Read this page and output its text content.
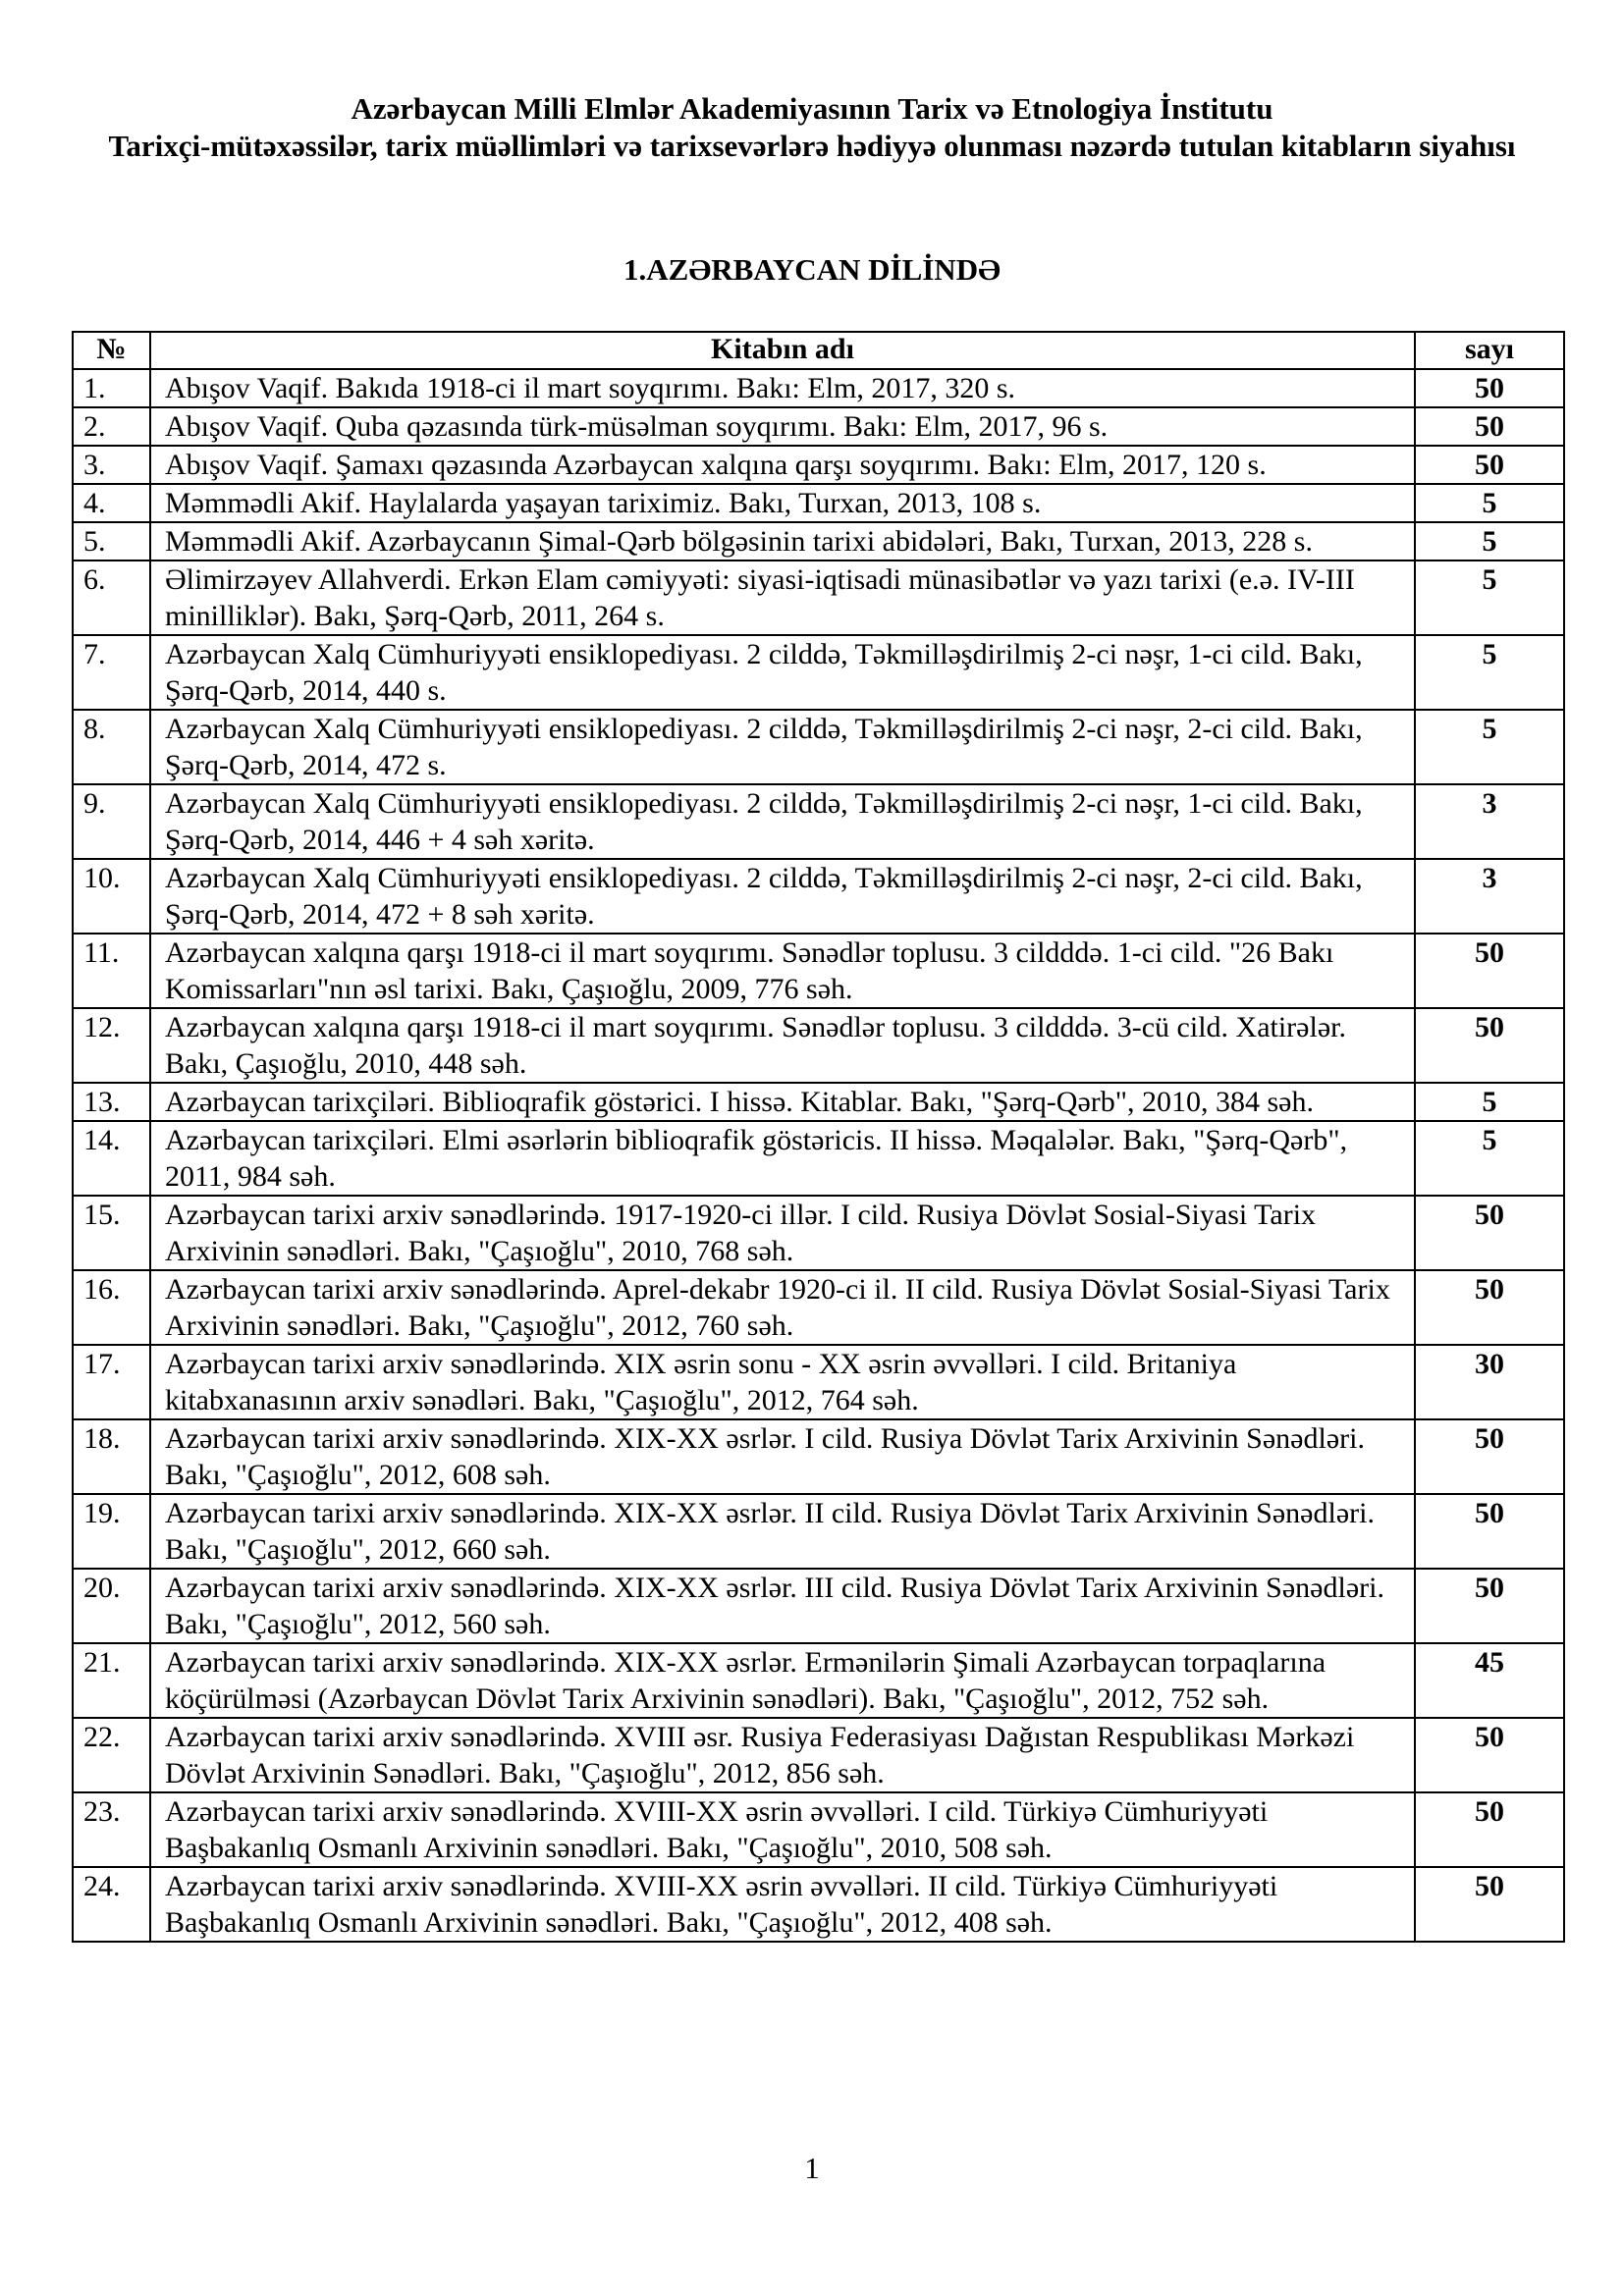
Azərbaycan Milli Elmlər Akademiyasının Tarix və Etnologiya İnstitutu
Tarixçi-mütəxəssilər, tarix müəllimləri və tarixsevərlərə hədiyyə olunması nəzərdə tutulan kitabların siyahısı
1.AZƏRBAYCAN DİLİNDƏ
№	Kitabın adı	sayı
1.	Abışov Vaqif. Bakıda 1918-ci il mart soyqırımı. Bakı: Elm, 2017, 320 s.	50
2.	Abışov Vaqif. Quba qəzasında türk-müsəlman soyqırımı. Bakı: Elm, 2017, 96 s.	50
3.	Abışov Vaqif. Şamaxı qəzasında Azərbaycan xalqına qarşı soyqırımı. Bakı: Elm, 2017, 120 s.	50
4.	Məmmədli Akif. Haylalarda yaşayan tariximiz. Bakı, Turxan, 2013, 108 s.	5
5.	Məmmədli Akif. Azərbaycanın Şimal-Qərb bölgəsinin tarixi abidələri, Bakı, Turxan, 2013, 228 s.	5
6.	Əlimirzəyev Allahverdi. Erkən Elam cəmiyyəti: siyasi-iqtisadi münasibətlər və yazı tarixi (e.ə. IV-III minilliklər). Bakı, Şərq-Qərb, 2011, 264 s.	5
7.	Azərbaycan Xalq Cümhuriyyəti ensiklopediyası. 2 cilddə, Təkmilləşdirilmiş 2-ci nəşr, 1-ci cild. Bakı, Şərq-Qərb, 2014, 440 s.	5
8.	Azərbaycan Xalq Cümhuriyyəti ensiklopediyası. 2 cilddə, Təkmilləşdirilmiş 2-ci nəşr, 2-ci cild. Bakı, Şərq-Qərb, 2014, 472 s.	5
9.	Azərbaycan Xalq Cümhuriyyəti ensiklopediyası. 2 cilddə, Təkmilləşdirilmiş 2-ci nəşr, 1-ci cild. Bakı, Şərq-Qərb, 2014, 446 + 4 səh xəritə.	3
10.	Azərbaycan Xalq Cümhuriyyəti ensiklopediyası. 2 cilddə, Təkmilləşdirilmiş 2-ci nəşr, 2-ci cild. Bakı, Şərq-Qərb, 2014, 472 + 8 səh xəritə.	3
11.	Azərbaycan xalqına qarşı 1918-ci il mart soyqırımı. Sənədlər toplusu. 3 cildddə. 1-ci cild. "26 Bakı Komissarları"nın əsl tarixi. Bakı, Çaşıoğlu, 2009, 776 səh.	50
12.	Azərbaycan xalqına qarşı 1918-ci il mart soyqırımı. Sənədlər toplusu. 3 cildddə. 3-cü cild. Xatirələr. Bakı, Çaşıoğlu, 2010, 448 səh.	50
13.	Azərbaycan tarixçiləri. Biblioqrafik göstərici. I hissə. Kitablar. Bakı, "Şərq-Qərb", 2010, 384 səh.	5
14.	Azərbaycan tarixçiləri. Elmi əsərlərin biblioqrafik göstəricis. II hissə. Məqalələr. Bakı, "Şərq-Qərb", 2011, 984 səh.	5
15.	Azərbaycan tarixi arxiv sənədlərində. 1917-1920-ci illər. I cild. Rusiya Dövlət Sosial-Siyasi Tarix Arxivinin sənədləri. Bakı, "Çaşıoğlu", 2010, 768 səh.	50
16.	Azərbaycan tarixi arxiv sənədlərində. Aprel-dekabr 1920-ci il. II cild. Rusiya Dövlət Sosial-Siyasi Tarix Arxivinin sənədləri. Bakı, "Çaşıoğlu", 2012, 760 səh.	50
17.	Azərbaycan tarixi arxiv sənədlərində. XIX əsrin sonu - XX əsrin əvvəlləri. I cild. Britaniya kitabxanasının arxiv sənədləri. Bakı, "Çaşıoğlu", 2012, 764 səh.	30
18.	Azərbaycan tarixi arxiv sənədlərində. XIX-XX əsrlər. I cild. Rusiya Dövlət Tarix Arxivinin Sənədləri. Bakı, "Çaşıoğlu", 2012, 608 səh.	50
19.	Azərbaycan tarixi arxiv sənədlərində. XIX-XX əsrlər. II cild. Rusiya Dövlət Tarix Arxivinin Sənədləri. Bakı, "Çaşıoğlu", 2012, 660 səh.	50
20.	Azərbaycan tarixi arxiv sənədlərində. XIX-XX əsrlər. III cild. Rusiya Dövlət Tarix Arxivinin Sənədləri. Bakı, "Çaşıoğlu", 2012, 560 səh.	50
21.	Azərbaycan tarixi arxiv sənədlərində. XIX-XX əsrlər. Ermənilərin Şimali Azərbaycan torpaqlarına köçürülməsi (Azərbaycan Dövlət Tarix Arxivinin sənədləri). Bakı, "Çaşıoğlu", 2012, 752 səh.	45
22.	Azərbaycan tarixi arxiv sənədlərində. XVIII əsr. Rusiya Federasiyası Dağıstan Respublikası Mərkəzi Dövlət Arxivinin Sənədləri. Bakı, "Çaşıoğlu", 2012, 856 səh.	50
23.	Azərbaycan tarixi arxiv sənədlərində. XVIII-XX əsrin əvvəlləri. I cild. Türkiyə Cümhuriyyəti Başbakanlıq Osmanlı Arxivinin sənədləri. Bakı, "Çaşıoğlu", 2010, 508 səh.	50
24.	Azərbaycan tarixi arxiv sənədlərində. XVIII-XX əsrin əvvəlləri. II cild. Türkiyə Cümhuriyyəti Başbakanlıq Osmanlı Arxivinin sənədləri. Bakı, "Çaşıoğlu", 2012, 408 səh.	50
1
